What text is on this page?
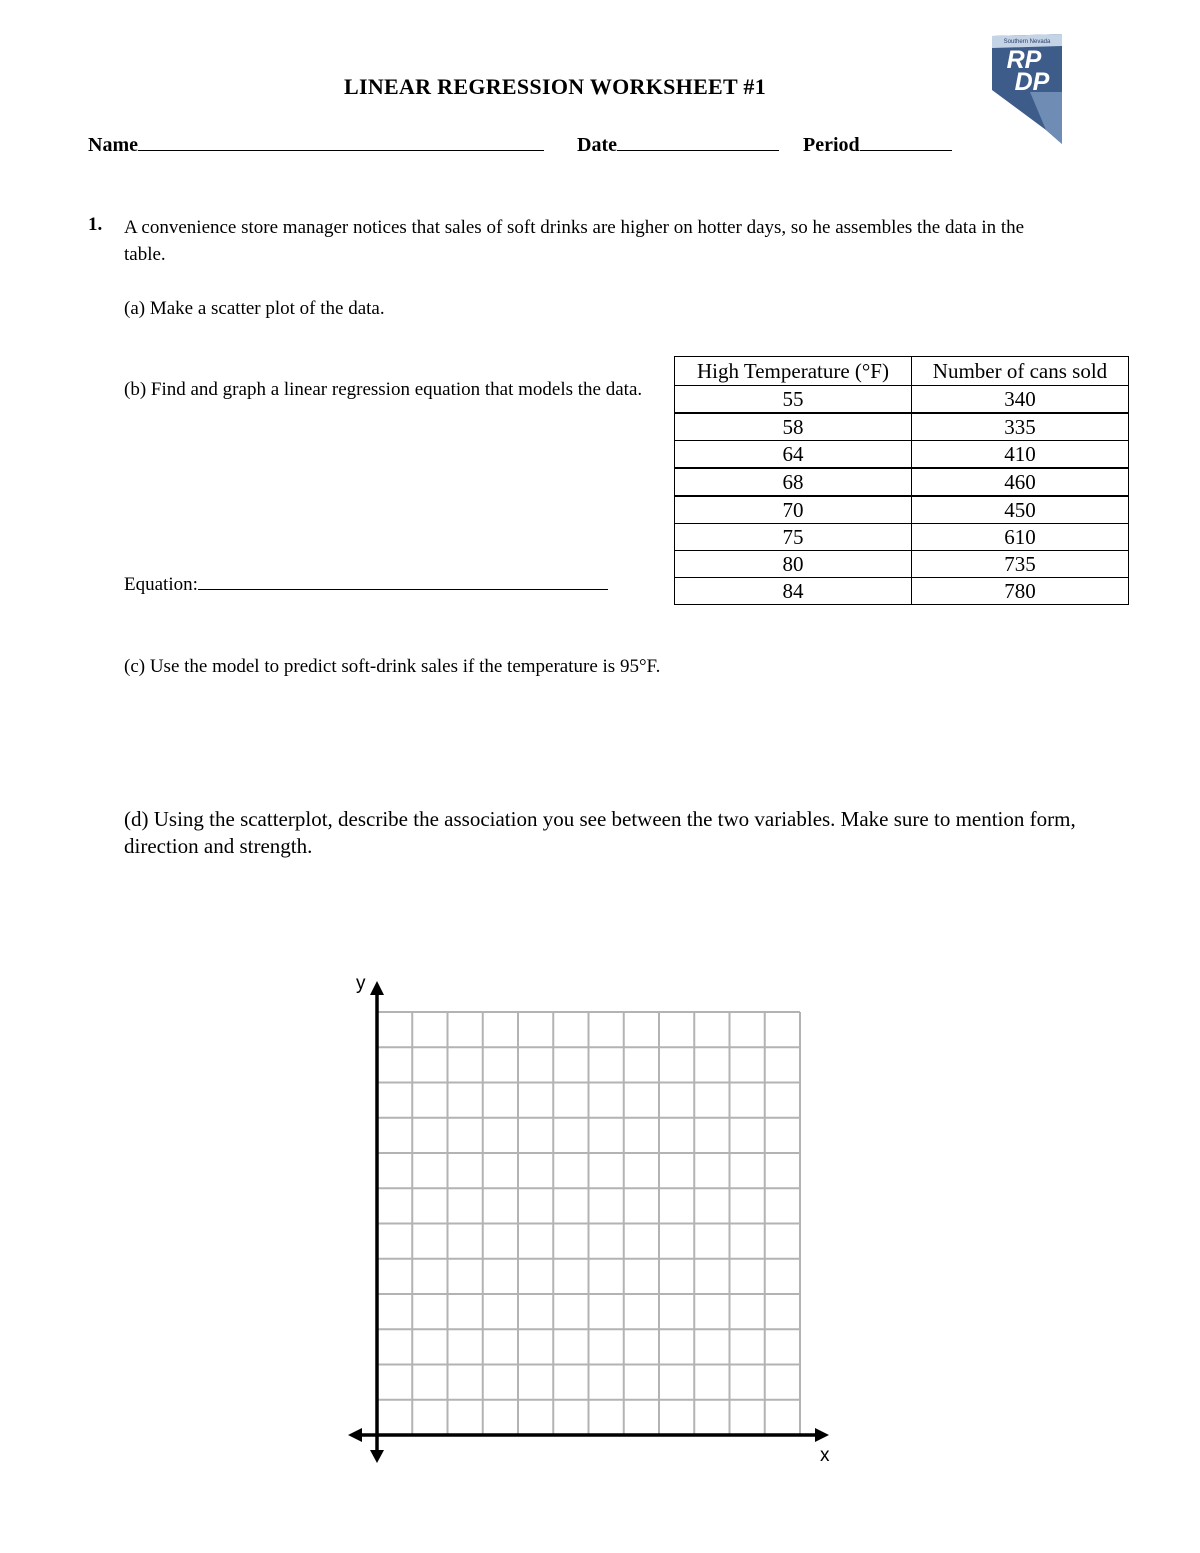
LINEAR REGRESSION WORKSHEET #1
Name	Date	Period
Southern Nevada
RP
DP
1. A convenience store manager notices that sales of soft drinks are higher on hotter days, so he assembles the data in the table.
(a) Make a scatter plot of the data.
(b) Find and graph a linear regression equation that models the data.
Equation:
(c) Use the model to predict soft-drink sales if the temperature is 95°F.
(d) Using the scatterplot, describe the association you see between the two variables. Make sure to mention form, direction and strength.
High Temperature (°F)	Number of cans sold
55	340
58	335
64	410
68	460
70	450
75	610
80	735
84	780
y
x
